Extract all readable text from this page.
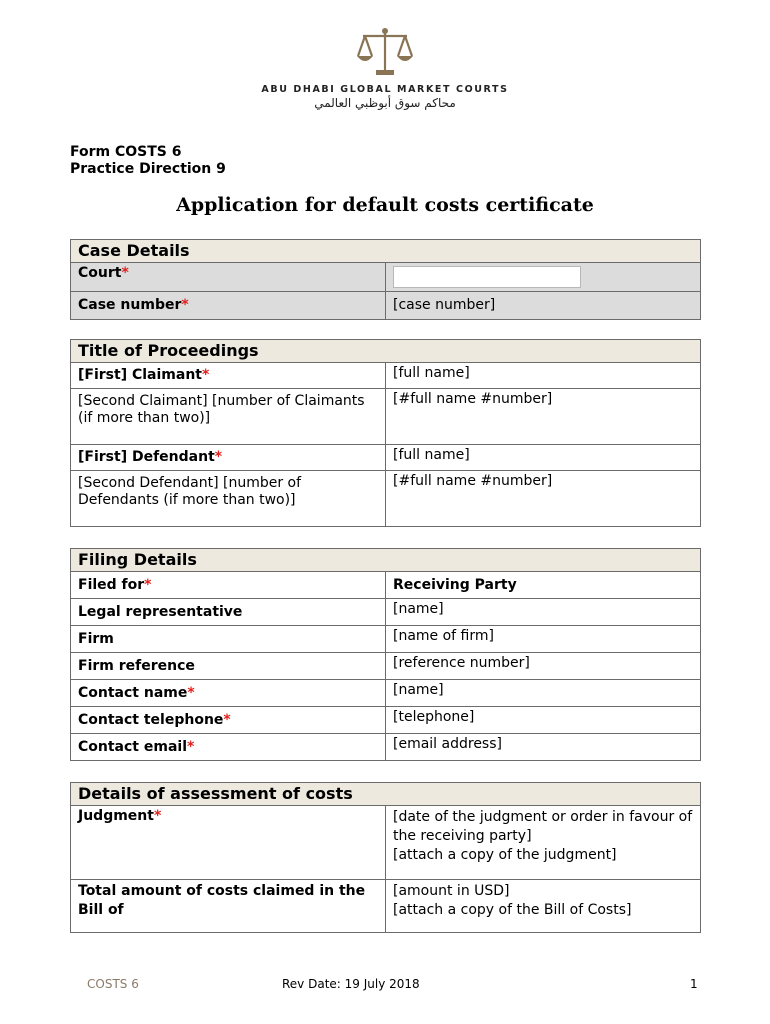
ABU DHABI GLOBAL MARKET COURTS
محاكم سوق أبوظبي العالمي
Form COSTS 6
Practice Direction 9
Application for default costs certificate
Case Details	
Court*	

Case number*	[case number]
Title of Proceedings	
[First] Claimant*	[full name]
[Second Claimant] [number of Claimants (if more than two)]	[#full name #number]
[First] Defendant*	[full name]
[Second Defendant] [number of Defendants (if more than two)]	[#full name #number]
Filing Details	
Filed for*	Receiving Party
Legal representative	[name]
Firm	[name of firm]
Firm reference	[reference number]
Contact name*	[name]
Contact telephone*	[telephone]
Contact email*	[email address]
Details of assessment of costs	
Judgment*	[date of the judgment or order in favour of the receiving party]
[attach a copy of the judgment]

Total amount of costs claimed in the Bill of	[amount in USD]
[attach a copy of the Bill of Costs]
COSTS 6	Rev Date: 19 July 2018	1
